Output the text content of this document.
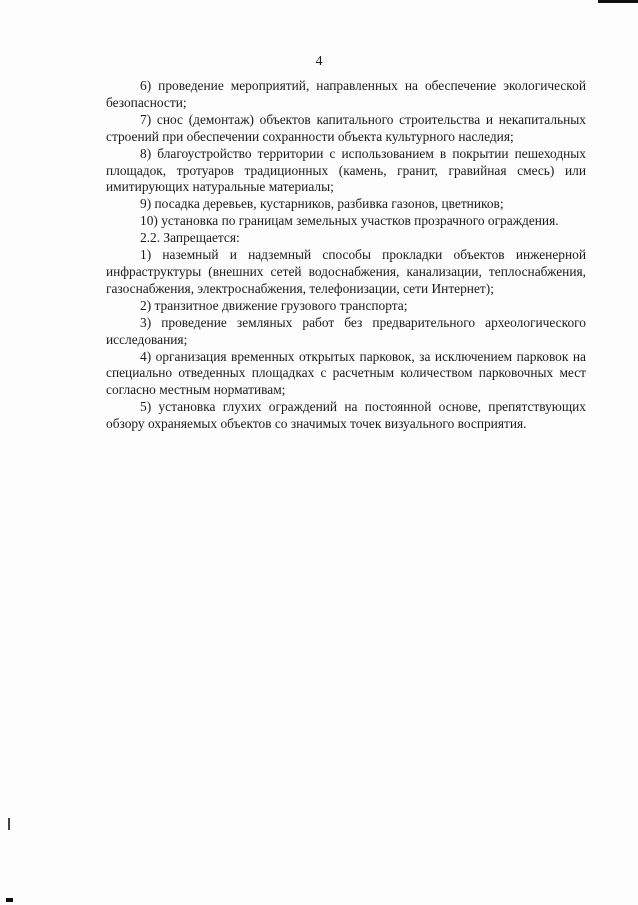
4

6) проведение мероприятий, направленных на обеспечение экологической безопасности;

7) снос (демонтаж) объектов капитального строительства и некапитальных строений при обеспечении сохранности объекта культурного наследия;

8) благоустройство территории с использованием в покрытии пешеходных площадок, тротуаров традиционных (камень, гранит, гравийная смесь) или имитирующих натуральные материалы;

9) посадка деревьев, кустарников, разбивка газонов, цветников;

10) установка по границам земельных участков прозрачного ограждения.

2.2. Запрещается:

1) наземный и надземный способы прокладки объектов инженерной инфраструктуры (внешних сетей водоснабжения, канализации, теплоснабжения, газоснабжения, электроснабжения, телефонизации, сети Интернет);

2) транзитное движение грузового транспорта;

3) проведение земляных работ без предварительного археологического исследования;

4) организация временных открытых парковок, за исключением парковок на специально отведенных площадках с расчетным количеством парковочных мест согласно местным нормативам;

5) установка глухих ограждений на постоянной основе, препятствующих обзору охраняемых объектов со значимых точек визуального восприятия.
